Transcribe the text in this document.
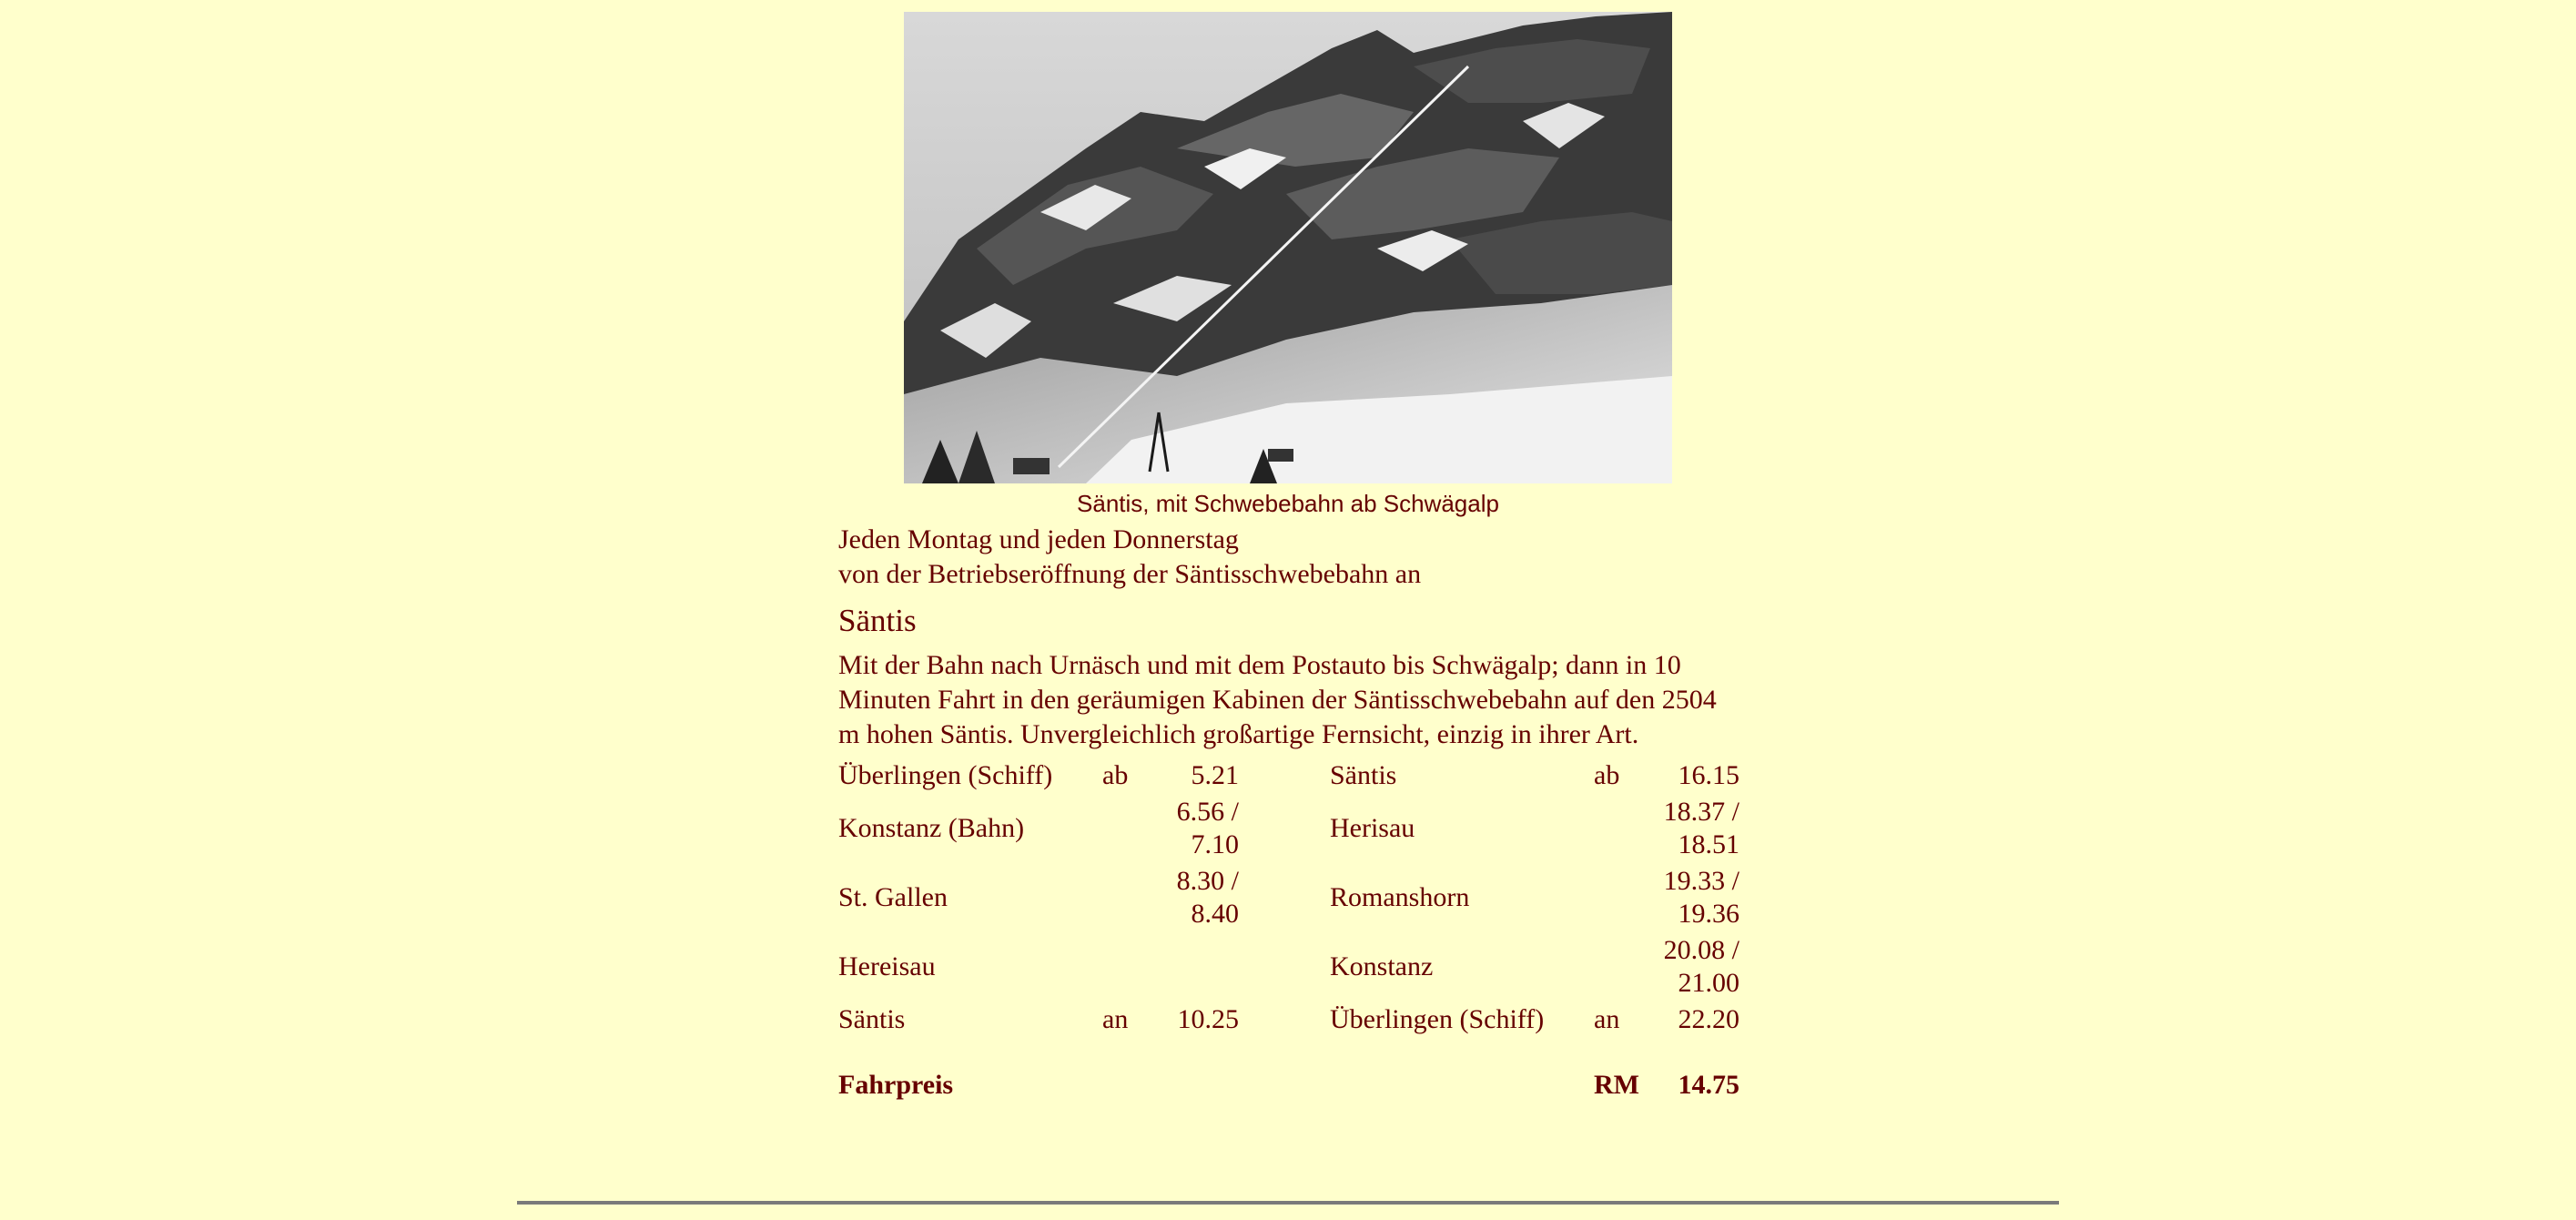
Säntis, mit Schwebebahn ab Schwägalp

Jeden Montag und jeden Donnerstag
von der Betriebseröffnung der Säntisschwebebahn an

Säntis

Mit der Bahn nach Urnäsch und mit dem Postauto bis Schwägalp; dann in 10 Minuten Fahrt in den geräumigen Kabinen der Säntisschwebebahn auf den 2504 m hohen Säntis. Unvergleichlich großartige Fernsicht, einzig in ihrer Art.

Überlingen (Schiff)	ab	5.21		Säntis	ab	16.15
Konstanz (Bahn)		6.56 / 7.10		Herisau		18.37 / 18.51
St. Gallen		8.30 / 8.40		Romanshorn		19.33 / 19.36
Hereisau				Konstanz		20.08 / 21.00
Säntis	an	10.25		Überlingen (Schiff)	an	22.20

Fahrpreis					RM	14.75
